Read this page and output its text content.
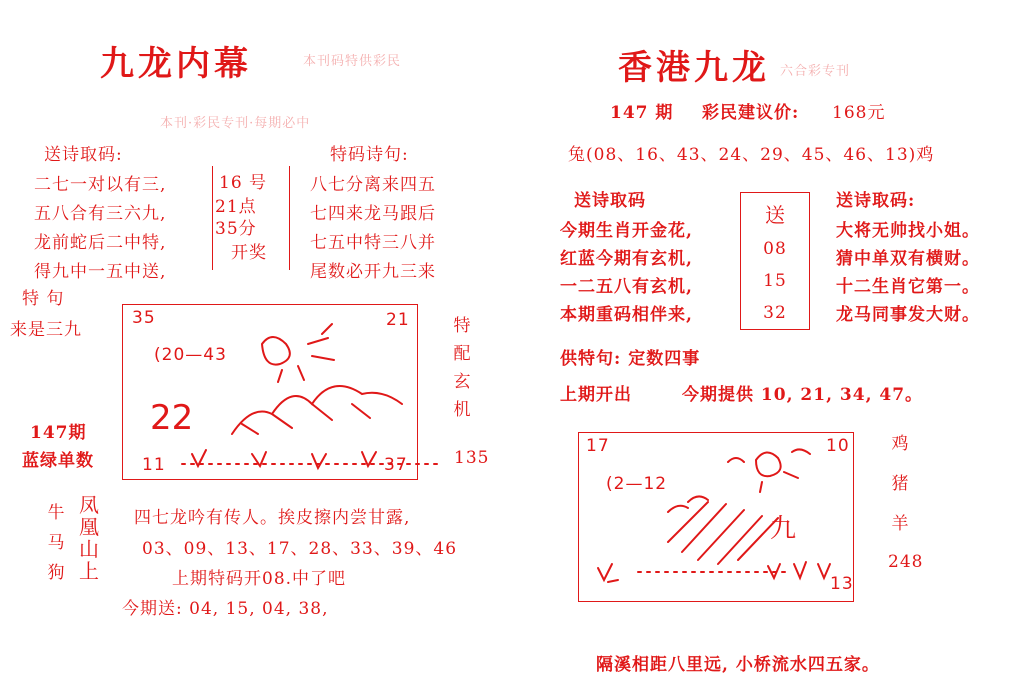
九龙内幕	本刊码特供彩民
本刊·彩民专刊·每期必中
送诗取码:
二七一对以有三,
五八合有三六九,
龙前蛇后二中特,
得九中一五中送,
16 号
21点
35分
开奖
特码诗句:
八七分离来四五
七四来龙马跟后
七五中特三八并
尾数必开九三来
特 句
来是三九
147期
蓝绿单数
35	21
(20—43
22
11	37
特
配
玄
机
135
牛
马
狗
凤
凰
山
上
四七龙吟有传人。挨皮擦内尝甘露,
03、09、13、17、28、33、39、46
上期特码开08.中了吧
今期送: 04, 15, 04, 38,
香港九龙 六合彩专刊
147 期 彩民建议价: 168元
兔(08、16、43、24、29、45、46、13)鸡
送诗取码
今期生肖开金花,
红蓝今期有玄机,
一二五八有玄机,
本期重码相伴来,
送
08
15
32
送诗取码:
大将无帅找小姐。
猜中单双有横财。
十二生肖它第一。
龙马同事发大财。
供特句: 定数四事
上期开出	今期提供 10, 21, 34, 47。
17	10
(2—12
九
13
鸡
猪
羊
248
隔溪相距八里远, 小桥流水四五家。
